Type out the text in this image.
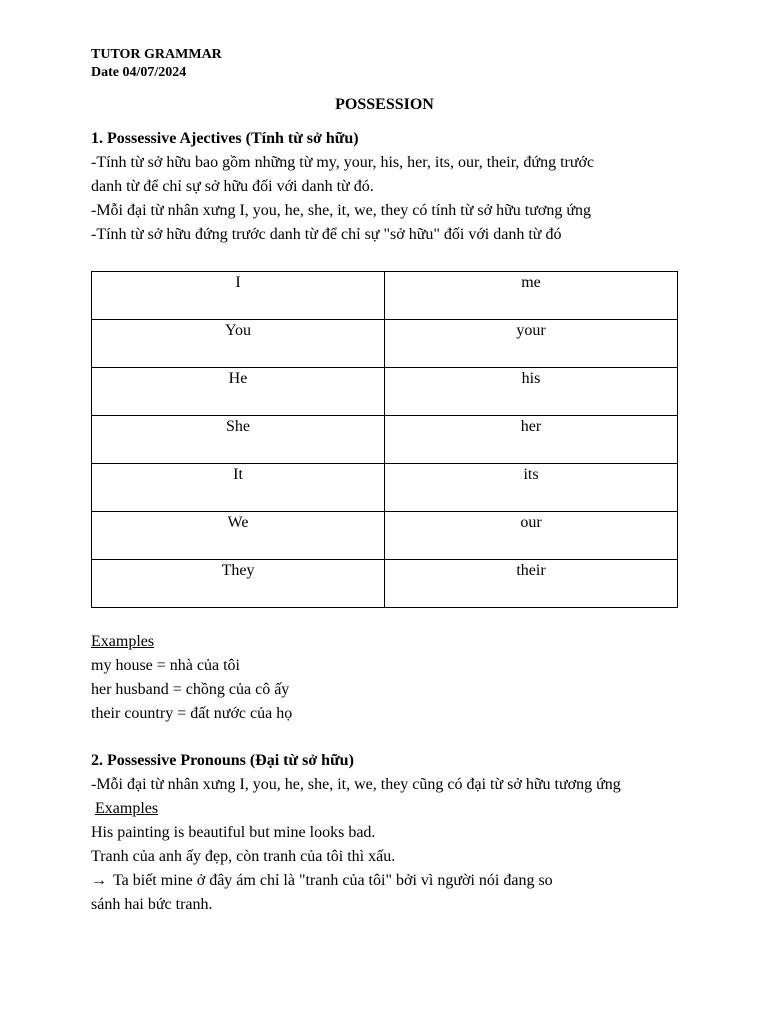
TUTOR GRAMMAR

Date 04/07/2024

POSSESSION

1. Possessive Ajectives (Tính từ sở hữu)

-Tính từ sở hữu bao gồm những từ my, your, his, her, its, our, their, đứng trước

danh từ để chỉ sự sở hữu đối với danh từ đó.

-Mỗi đại từ nhân xưng I, you, he, she, it, we, they có tính từ sở hữu tương ứng

-Tính từ sở hữu đứng trước danh từ để chỉ sự "sở hữu" đối với danh từ đó

I	me
You	your
He	his
She	her
It	its
We	our
They	their

Examples

my house = nhà của tôi

her husband = chồng của cô ấy

their country = đất nước của họ

2. Possessive Pronouns (Đại từ sở hữu)

-Mỗi đại từ nhân xưng I, you, he, she, it, we, they cũng có đại từ sở hữu tương ứng

Examples

His painting is beautiful but mine looks bad.

Tranh của anh ấy đẹp, còn tranh của tôi thì xấu.

→ Ta biết mine ở đây ám chỉ là "tranh của tôi" bởi vì người nói đang so

sánh hai bức tranh.
